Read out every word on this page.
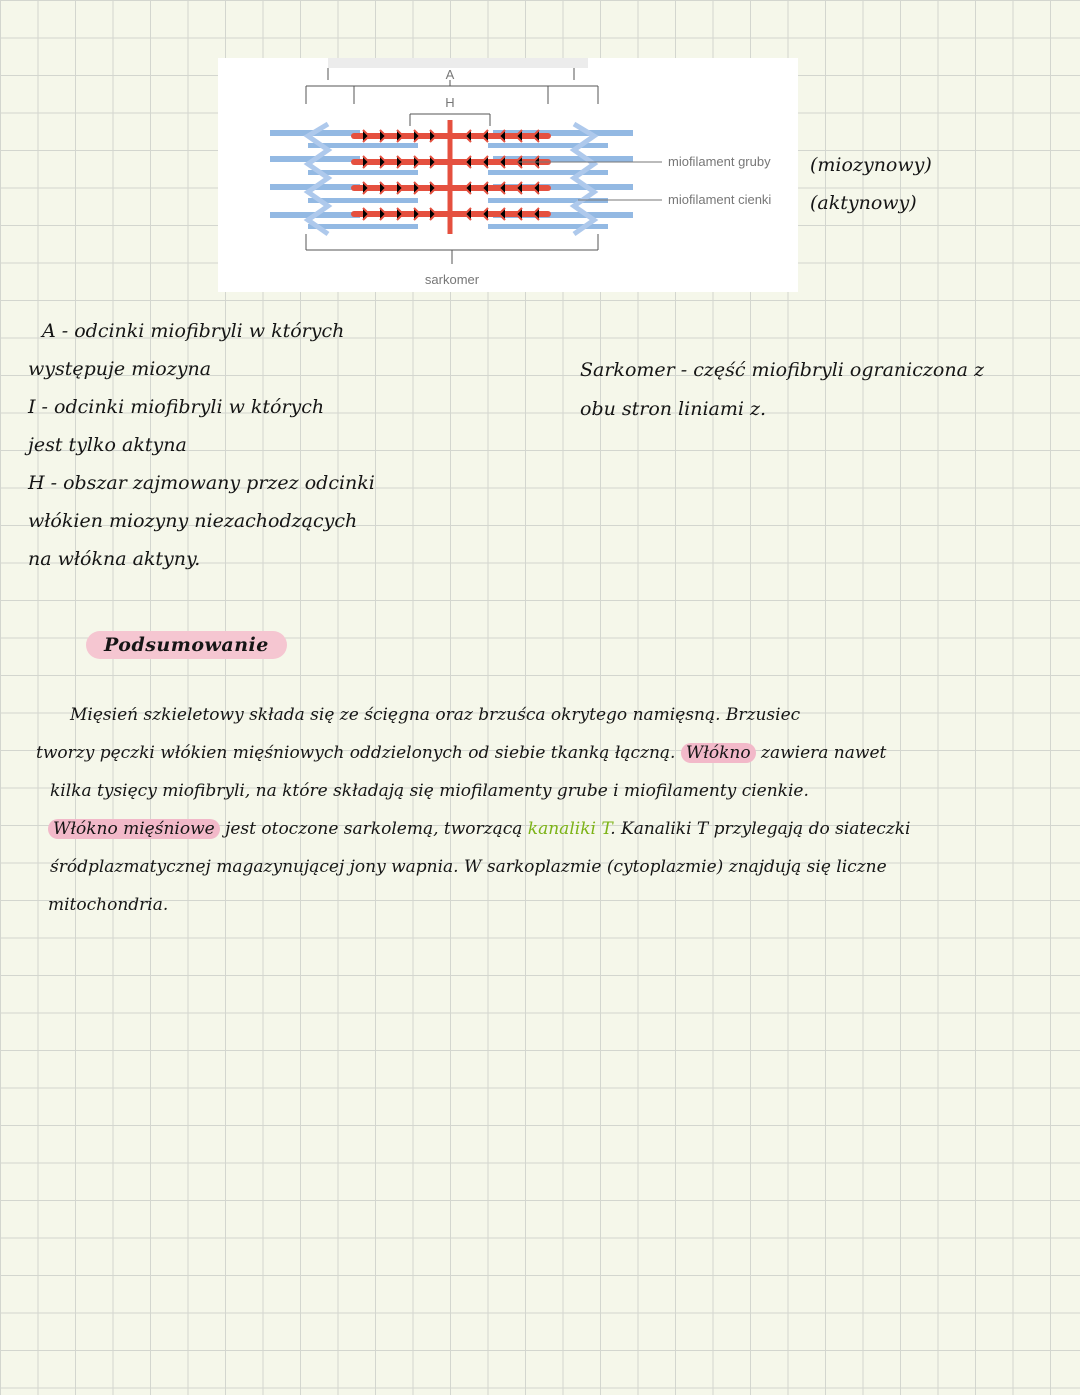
A
H
miofilament gruby
miofilament cienki
sarkomer
(miozynowy)
(aktynowy)
A - odcinki miofibryli w których
występuje miozyna
I - odcinki miofibryli w których
jest tylko aktyna
H - obszar zajmowany przez odcinki
włókien miozyny niezachodzących
na włókna aktyny.
Sarkomer - część miofibryli ograniczona z
obu stron liniami z.
Podsumowanie
Mięsień szkieletowy składa się ze ścięgna oraz brzuśca okrytego namięsną. Brzusiec
tworzy pęczki włókien mięśniowych oddzielonych od siebie tkanką łączną. Włókno zawiera nawet
kilka tysięcy miofibryli, na które składają się miofilamenty grube i miofilamenty cienkie.
Włókno mięśniowe jest otoczone sarkolemą, tworzącą kanaliki T. Kanaliki T przylegają do siateczki
śródplazmatycznej magazynującej jony wapnia. W sarkoplazmie (cytoplazmie) znajdują się liczne
mitochondria.
